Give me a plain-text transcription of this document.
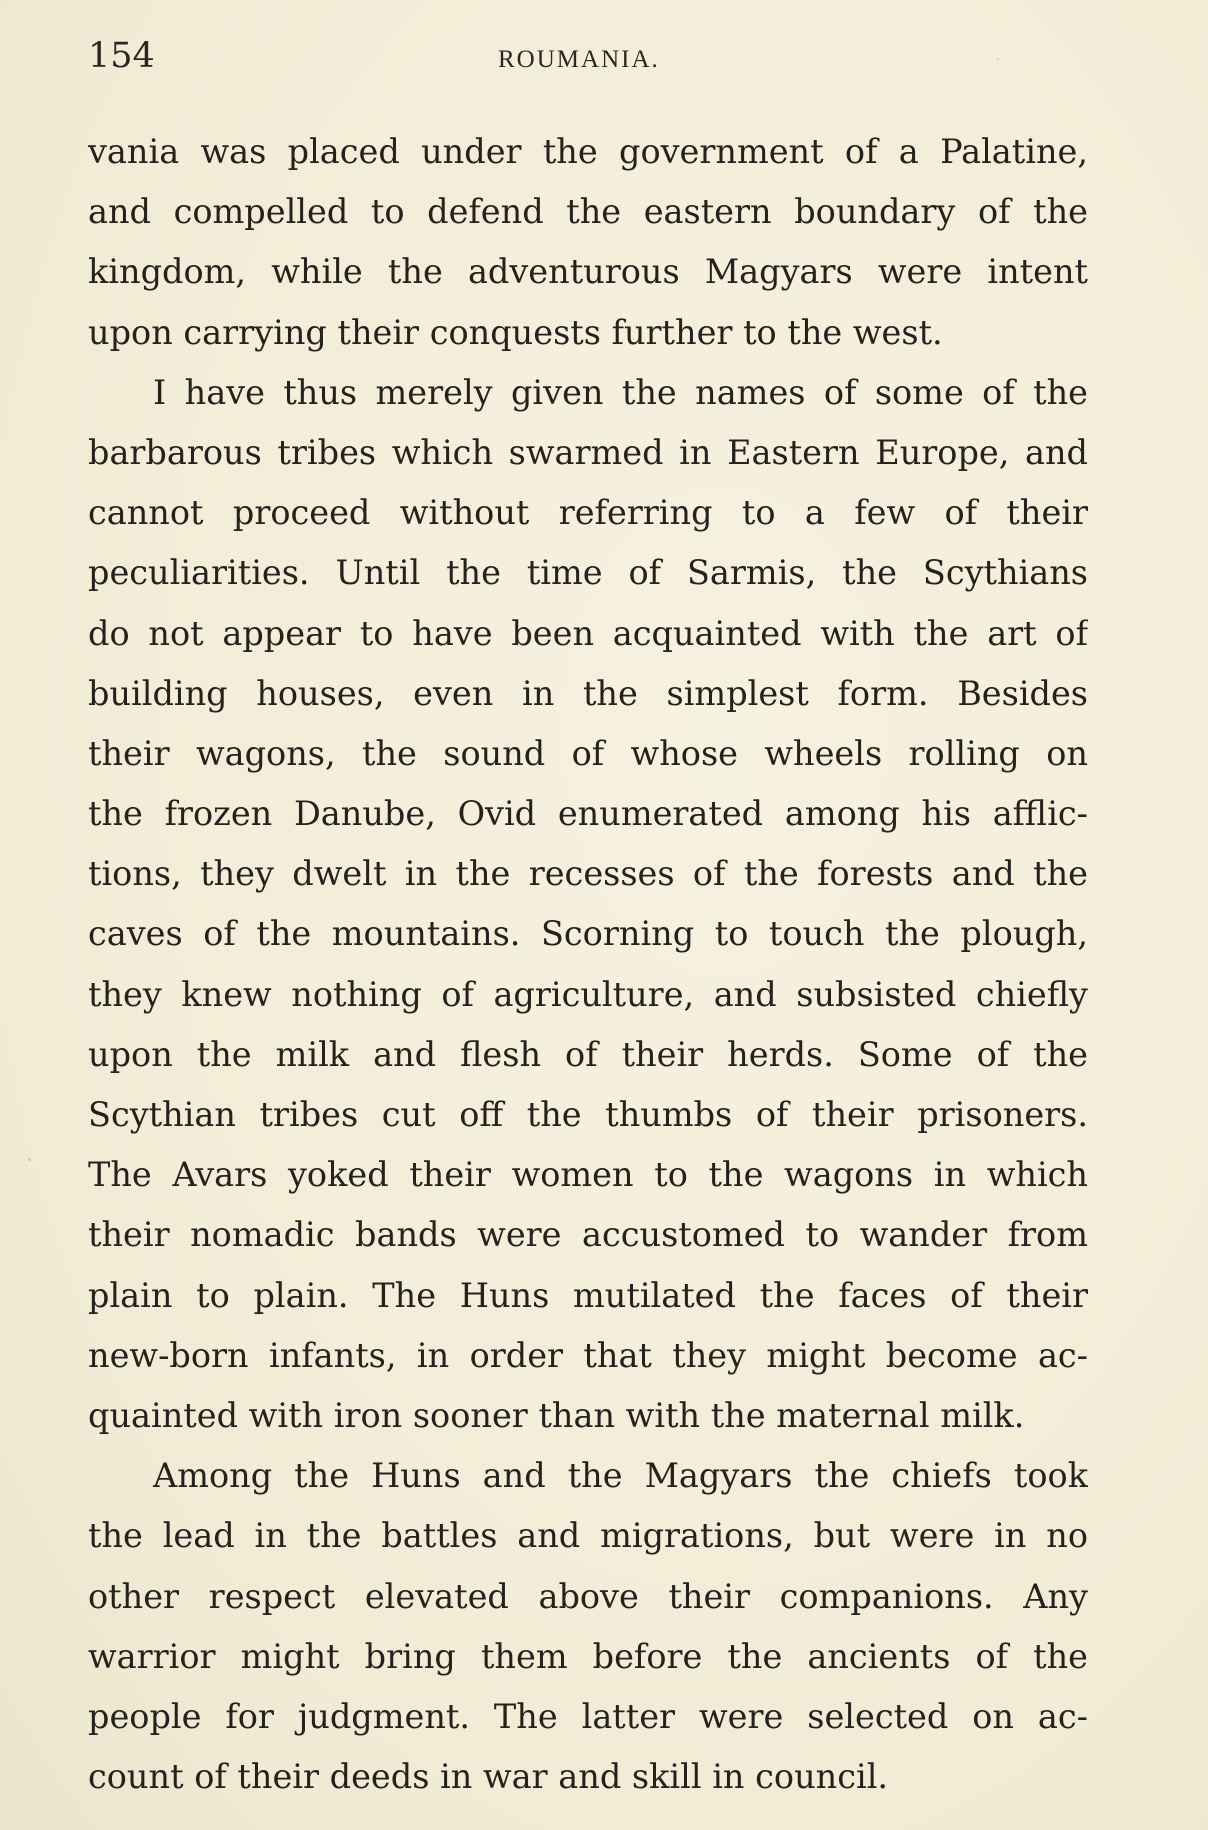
154	ROUMANIA.
vania was placed under the government of a Palatine,
and compelled to defend the eastern boundary of the
kingdom, while the adventurous Magyars were intent
upon carrying their conquests further to the west.
I have thus merely given the names of some of the
barbarous tribes which swarmed in Eastern Europe, and
cannot proceed without referring to a few of their
peculiarities. Until the time of Sarmis, the Scythians
do not appear to have been acquainted with the art of
building houses, even in the simplest form. Besides
their wagons, the sound of whose wheels rolling on
the frozen Danube, Ovid enumerated among his afflic-
tions, they dwelt in the recesses of the forests and the
caves of the mountains. Scorning to touch the plough,
they knew nothing of agriculture, and subsisted chiefly
upon the milk and flesh of their herds. Some of the
Scythian tribes cut off the thumbs of their prisoners.
The Avars yoked their women to the wagons in which
their nomadic bands were accustomed to wander from
plain to plain. The Huns mutilated the faces of their
new-born infants, in order that they might become ac-
quainted with iron sooner than with the maternal milk.
Among the Huns and the Magyars the chiefs took
the lead in the battles and migrations, but were in no
other respect elevated above their companions. Any
warrior might bring them before the ancients of the
people for judgment. The latter were selected on ac-
count of their deeds in war and skill in council.
